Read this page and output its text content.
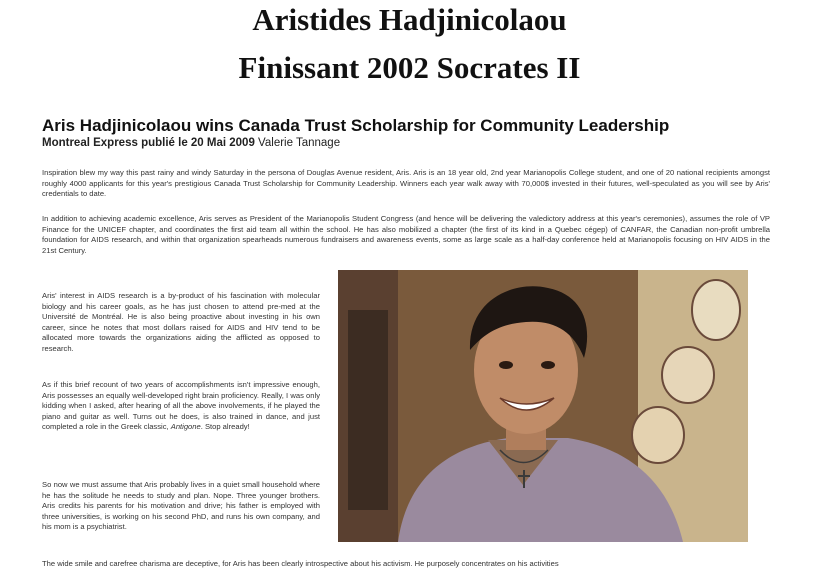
Aristides Hadjinicolaou
Finissant 2002 Socrates II
Aris Hadjinicolaou wins Canada Trust Scholarship for Community Leadership
Montreal Express publié le 20 Mai 2009 Valerie Tannage
Inspiration blew my way this past rainy and windy Saturday in the persona of Douglas Avenue resident, Aris. Aris is an 18 year old, 2nd year Marianopolis College student, and one of 20 national recipients amongst roughly 4000 applicants for this year's prestigious Canada Trust Scholarship for Community Leadership. Winners each year walk away with 70,000$ invested in their futures, well-speculated as you will see by Aris' credentials to date.
In addition to achieving academic excellence, Aris serves as President of the Marianopolis Student Congress (and hence will be delivering the valedictory address at this year's ceremonies), assumes the role of VP Finance for the UNICEF chapter, and coordinates the first aid team all within the school. He has also mobilized a chapter (the first of its kind in a Quebec cégep) of CANFAR, the Canadian non-profit umbrella foundation for AIDS research, and within that organization spearheads numerous fundraisers and awareness events, some as large scale as a half-day conference held at Marianopolis focusing on HIV AIDS in the 21st Century.
Aris' interest in AIDS research is a by-product of his fascination with molecular biology and his career goals, as he has just chosen to attend pre-med at the Université de Montréal. He is also being proactive about investing in his own career, since he notes that most dollars raised for AIDS and HIV tend to be allocated more towards the organizations aiding the afflicted as opposed to research.
As if this brief recount of two years of accomplishments isn't impressive enough, Aris possesses an equally well-developed right brain proficiency. Really, I was only kidding when I asked, after hearing of all the above involvements, if he played the piano and guitar as well. Turns out he does, is also trained in dance, and just completed a role in the Greek classic, Antigone. Stop already!
So now we must assume that Aris probably lives in a quiet small household where he has the solitude he needs to study and plan. Nope. Three younger brothers. Aris credits his parents for his motivation and drive; his father is employed with three universities, is working on his second PhD, and runs his own company, and his mom is a psychiatrist.
The wide smile and carefree charisma are deceptive, for Aris has been clearly introspective about his activism. He purposely concentrates on his activities
